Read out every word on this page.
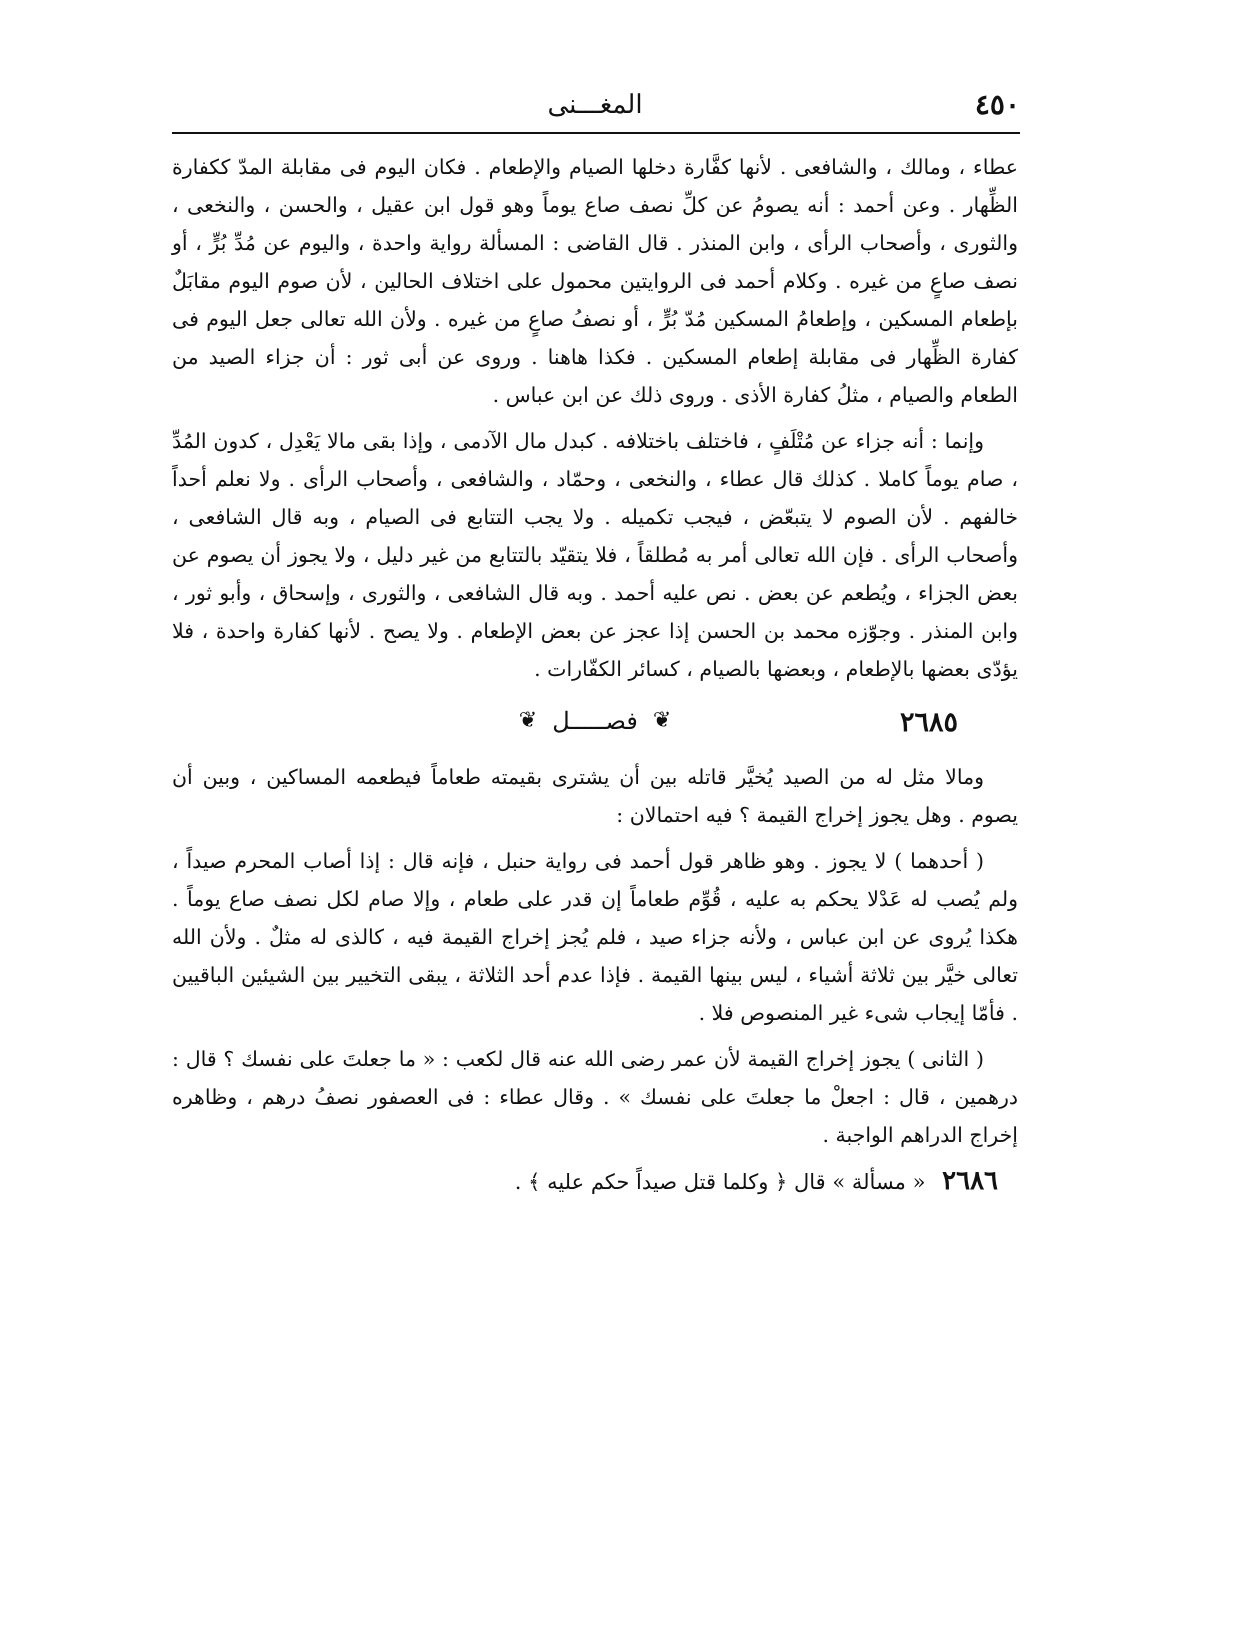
٤٥٠
المغـــنى

عطاء ، ومالك ، والشافعى . لأنها كفَّارة دخلها الصيام والإطعام . فكان اليوم فى مقابلة المدّ ككفارة الظِّهار . وعن أحمد : أنه يصومُ عن كلِّ نصف صاع يوماً وهو قول ابن عقيل ، والحسن ، والنخعى ، والثورى ، وأصحاب الرأى ، وابن المنذر . قال القاضى : المسألة رواية واحدة ، واليوم عن مُدِّ بُرٍّ ، أو نصف صاعٍ من غيره . وكلام أحمد فى الروايتين محمول على اختلاف الحالين ، لأن صوم اليوم مقابَلٌ بإطعام المسكين ، وإطعامُ المسكين مُدّ بُرٍّ ، أو نصفُ صاعٍ من غيره . ولأن الله تعالى جعل اليوم فى كفارة الظِّهار فى مقابلة إطعام المسكين . فكذا هاهنا . وروى عن أبى ثور : أن جزاء الصيد من الطعام والصيام ، مثلُ كفارة الأذى . وروى ذلك عن ابن عباس .

وإنما : أنه جزاء عن مُتْلَفٍ ، فاختلف باختلافه . كبدل مال الآدمى ، وإذا بقى مالا يَعْدِل ، كدون المُدِّ ، صام يوماً كاملا . كذلك قال عطاء ، والنخعى ، وحمّاد ، والشافعى ، وأصحاب الرأى . ولا نعلم أحداً خالفهم . لأن الصوم لا يتبعّض ، فيجب تكميله . ولا يجب التتابع فى الصيام ، وبه قال الشافعى ، وأصحاب الرأى . فإن الله تعالى أمر به مُطلقاً ، فلا يتقيّد بالتتابع من غير دليل ، ولا يجوز أن يصوم عن بعض الجزاء ، ويُطعم عن بعض . نص عليه أحمد . وبه قال الشافعى ، والثورى ، وإسحاق ، وأبو ثور ، وابن المنذر . وجوّزه محمد بن الحسن إذا عجز عن بعض الإطعام . ولا يصح . لأنها كفارة واحدة ، فلا يؤدّى بعضها بالإطعام ، وبعضها بالصيام ، كسائر الكفّارات .

٢٦٨٥
❦ فصـــــل ❦

ومالا مثل له من الصيد يُخيَّر قاتله بين أن يشترى بقيمته طعاماً فيطعمه المساكين ، وبين أن يصوم . وهل يجوز إخراج القيمة ؟ فيه احتمالان :

( أحدهما ) لا يجوز . وهو ظاهر قول أحمد فى رواية حنبل ، فإنه قال : إذا أصاب المحرم صيداً ، ولم يُصب له عَدْلا يحكم به عليه ، قُوِّم طعاماً إن قدر على طعام ، وإلا صام لكل نصف صاع يوماً . هكذا يُروى عن ابن عباس ، ولأنه جزاء صيد ، فلم يُجز إخراج القيمة فيه ، كالذى له مثلٌ . ولأن الله تعالى خيَّر بين ثلاثة أشياء ، ليس بينها القيمة . فإذا عدم أحد الثلاثة ، يبقى التخيير بين الشيئين الباقيين . فأمّا إيجاب شىء غير المنصوص فلا .

( الثانى ) يجوز إخراج القيمة لأن عمر رضى الله عنه قال لكعب : « ما جعلتَ على نفسك ؟ قال : درهمين ، قال : اجعلْ ما جعلتَ على نفسك » . وقال عطاء : فى العصفور نصفُ درهم ، وظاهره إخراج الدراهم الواجبة .

٢٦٨٦ « مسألة » قال ﴿ وكلما قتل صيداً حكم عليه ﴾ .
